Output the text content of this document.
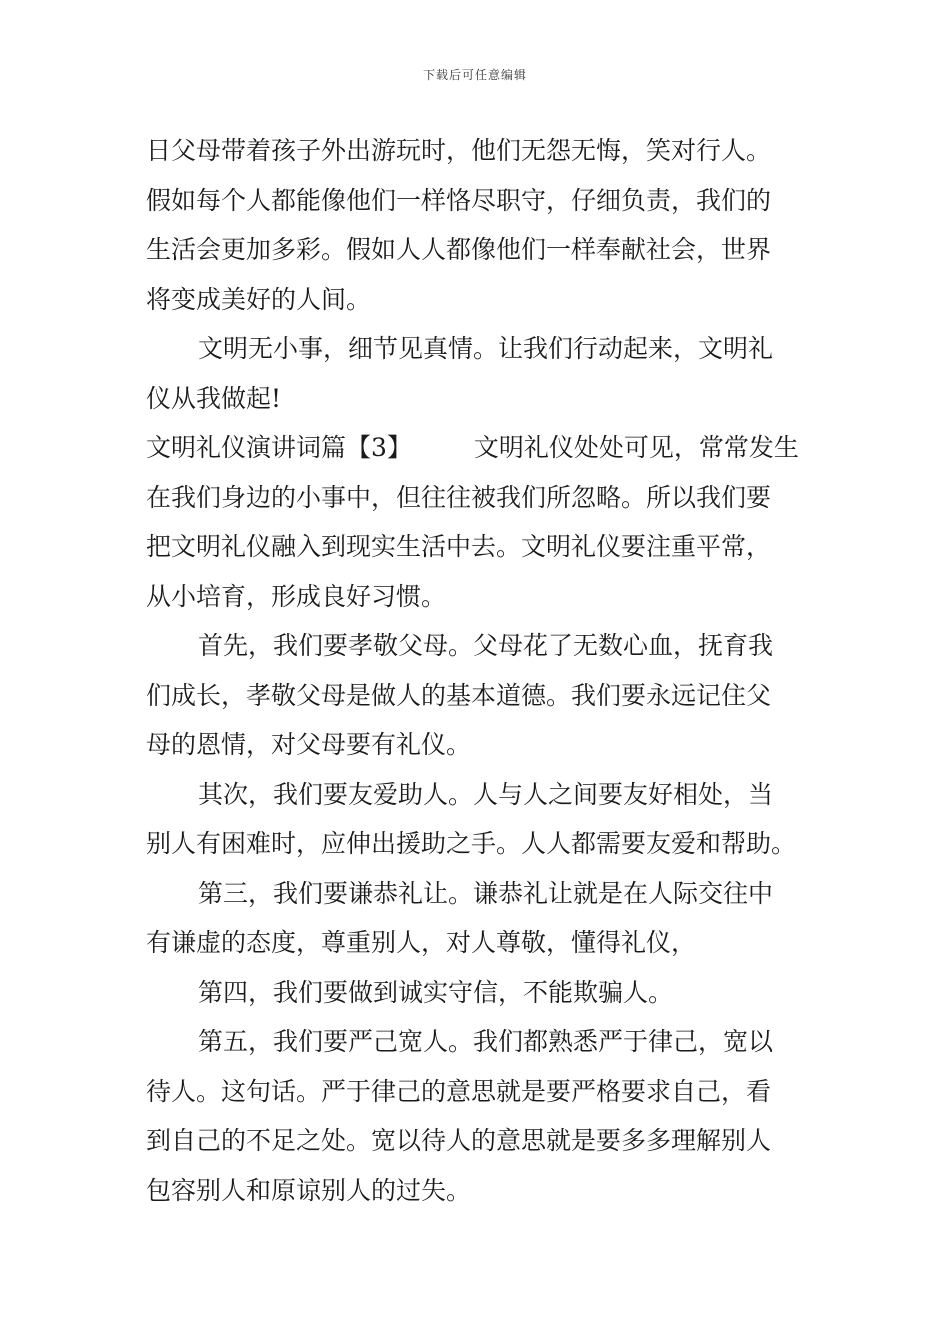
下载后可任意编辑
日父母带着孩子外出游玩时，他们无怨无悔，笑对行人。
假如每个人都能像他们一样恪尽职守，仔细负责，我们的
生活会更加多彩。假如人人都像他们一样奉献社会，世界
将变成美好的人间。
文明无小事，细节见真情。让我们行动起来，文明礼
仪从我做起!
文明礼仪演讲词篇【3】 文明礼仪处处可见，常常发生
在我们身边的小事中，但往往被我们所忽略。所以我们要
把文明礼仪融入到现实生活中去。文明礼仪要注重平常，
从小培育，形成良好习惯。
首先，我们要孝敬父母。父母花了无数心血，抚育我
们成长，孝敬父母是做人的基本道德。我们要永远记住父
母的恩情，对父母要有礼仪。
其次，我们要友爱助人。人与人之间要友好相处，当
别人有困难时，应伸出援助之手。人人都需要友爱和帮助。
第三，我们要谦恭礼让。谦恭礼让就是在人际交往中
有谦虚的态度，尊重别人，对人尊敬，懂得礼仪，
第四，我们要做到诚实守信，不能欺骗人。
第五，我们要严己宽人。我们都熟悉严于律己，宽以
待人。这句话。严于律己的意思就是要严格要求自己，看
到自己的不足之处。宽以待人的意思就是要多多理解别人
包容别人和原谅别人的过失。
